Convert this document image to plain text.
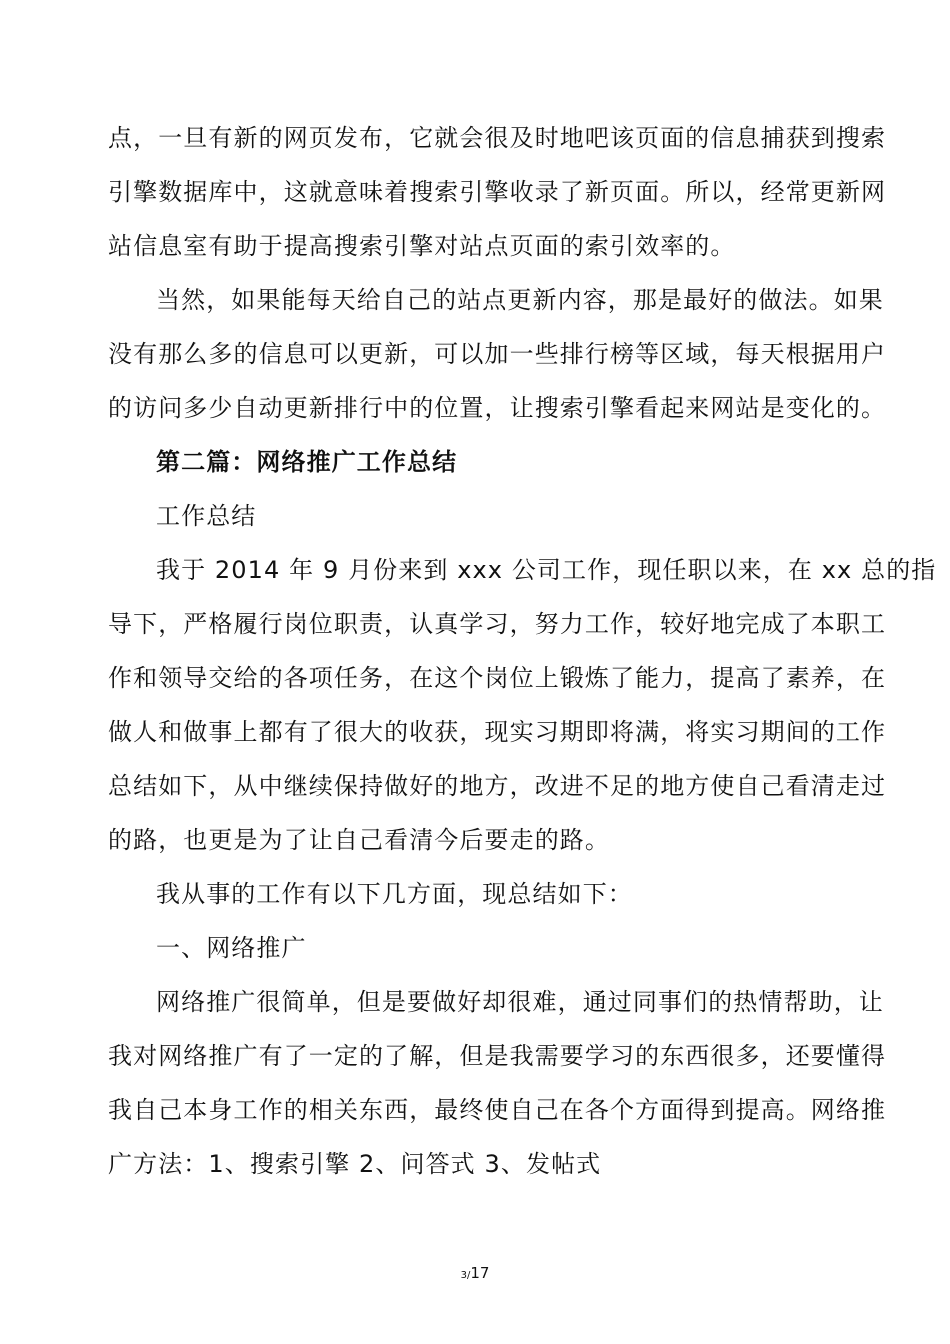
点，一旦有新的网页发布，它就会很及时地吧该页面的信息捕获到搜索
引擎数据库中，这就意味着搜索引擎收录了新页面。所以，经常更新网
站信息室有助于提高搜索引擎对站点页面的索引效率的。
当然，如果能每天给自己的站点更新内容，那是最好的做法。如果
没有那么多的信息可以更新，可以加一些排行榜等区域，每天根据用户
的访问多少自动更新排行中的位置，让搜索引擎看起来网站是变化的。
第二篇：网络推广工作总结
工作总结
我于 2014 年 9 月份来到 xxx 公司工作，现任职以来，在 xx 总的指
导下，严格履行岗位职责，认真学习，努力工作，较好地完成了本职工
作和领导交给的各项任务，在这个岗位上锻炼了能力，提高了素养，在
做人和做事上都有了很大的收获，现实习期即将满，将实习期间的工作
总结如下，从中继续保持做好的地方，改进不足的地方使自己看清走过
的路，也更是为了让自己看清今后要走的路。
我从事的工作有以下几方面，现总结如下：
一、网络推广
网络推广很简单，但是要做好却很难，通过同事们的热情帮助，让
我对网络推广有了一定的了解，但是我需要学习的东西很多，还要懂得
我自己本身工作的相关东西，最终使自己在各个方面得到提高。网络推
广方法：1、搜索引擎 2、问答式 3、发帖式
3/17
